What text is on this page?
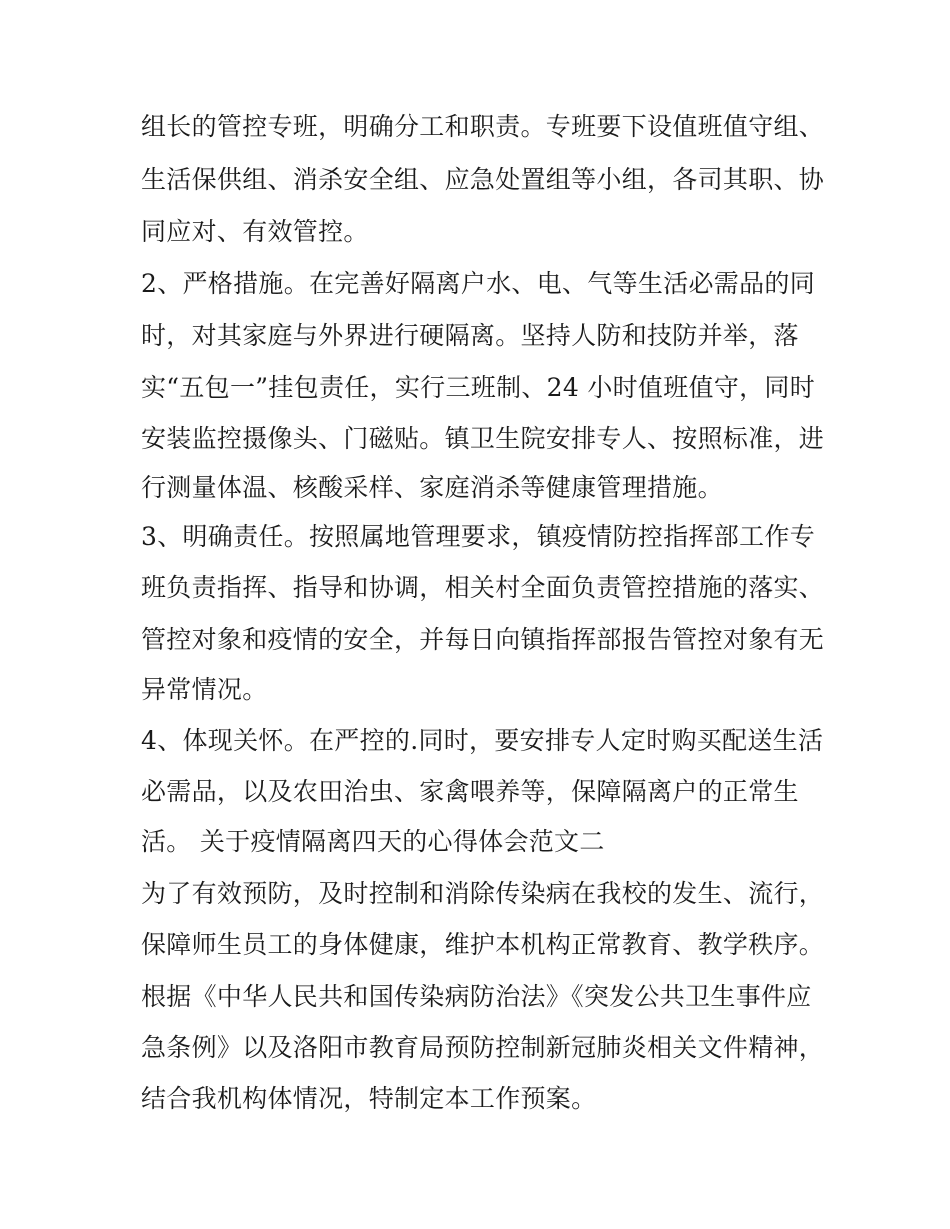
组长的管控专班，明确分工和职责。专班要下设值班值守组、
生活保供组、消杀安全组、应急处置组等小组，各司其职、协
同应对、有效管控。
2、严格措施。在完善好隔离户水、电、气等生活必需品的同
时，对其家庭与外界进行硬隔离。坚持人防和技防并举，落
实“五包一”挂包责任，实行三班制、24 小时值班值守，同时
安装监控摄像头、门磁贴。镇卫生院安排专人、按照标准，进
行测量体温、核酸采样、家庭消杀等健康管理措施。
3、明确责任。按照属地管理要求，镇疫情防控指挥部工作专
班负责指挥、指导和协调，相关村全面负责管控措施的落实、
管控对象和疫情的安全，并每日向镇指挥部报告管控对象有无
异常情况。
4、体现关怀。在严控的.同时，要安排专人定时购买配送生活
必需品，以及农田治虫、家禽喂养等，保障隔离户的正常生
活。 关于疫情隔离四天的心得体会范文二
为了有效预防，及时控制和消除传染病在我校的发生、流行，
保障师生员工的身体健康，维护本机构正常教育、教学秩序。
根据《中华人民共和国传染病防治法》《突发公共卫生事件应
急条例》以及洛阳市教育局预防控制新冠肺炎相关文件精神，
结合我机构体情况，特制定本工作预案。
